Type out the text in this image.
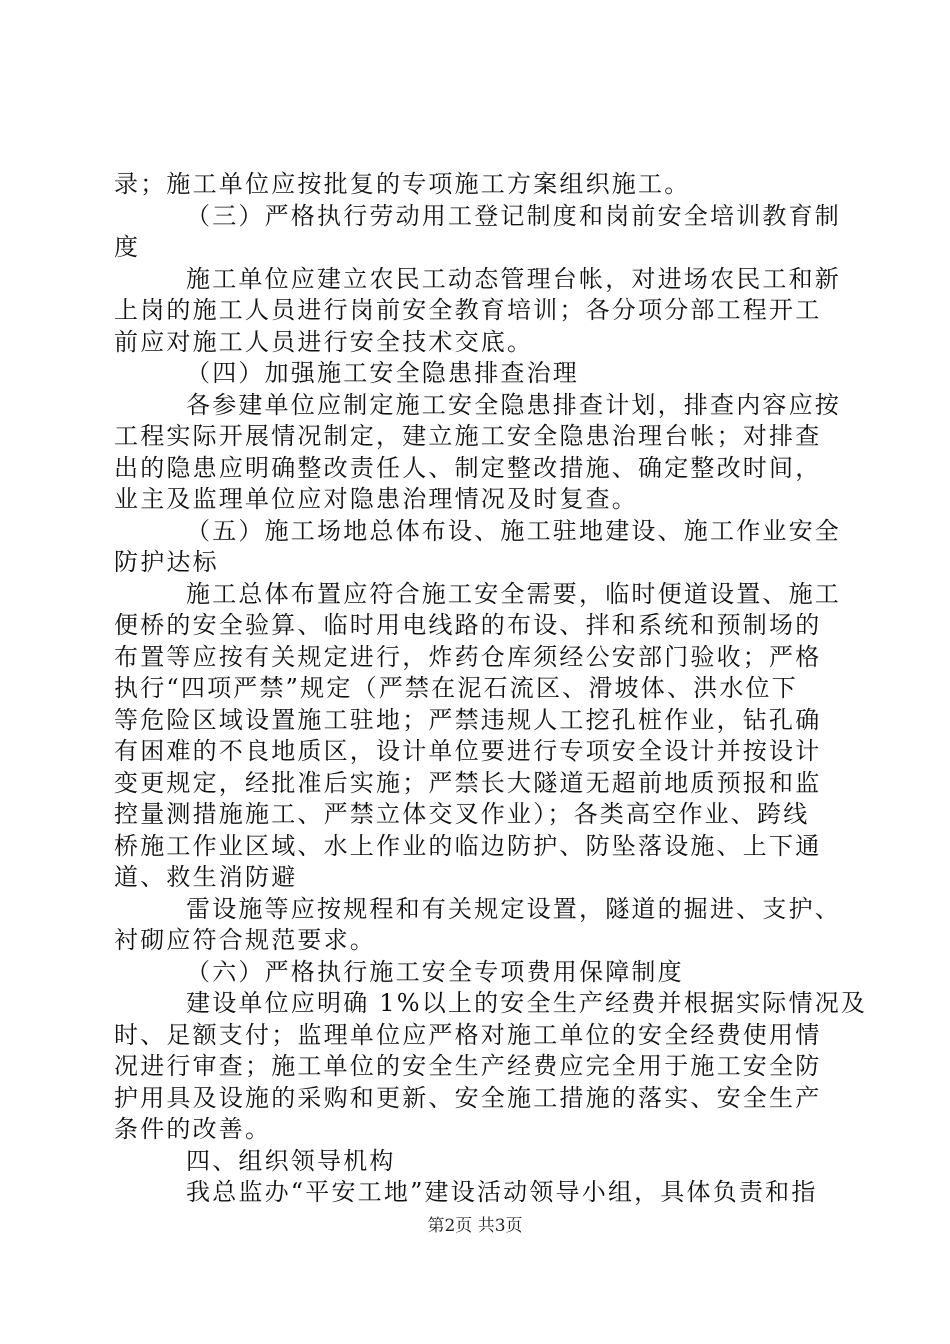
录；施工单位应按批复的专项施工方案组织施工。
（三）严格执行劳动用工登记制度和岗前安全培训教育制
度
施工单位应建立农民工动态管理台帐，对进场农民工和新
上岗的施工人员进行岗前安全教育培训；各分项分部工程开工
前应对施工人员进行安全技术交底。
（四）加强施工安全隐患排查治理
各参建单位应制定施工安全隐患排查计划，排查内容应按
工程实际开展情况制定，建立施工安全隐患治理台帐；对排查
出的隐患应明确整改责任人、制定整改措施、确定整改时间，
业主及监理单位应对隐患治理情况及时复查。
（五）施工场地总体布设、施工驻地建设、施工作业安全
防护达标
施工总体布置应符合施工安全需要，临时便道设置、施工
便桥的安全验算、临时用电线路的布设、拌和系统和预制场的
布置等应按有关规定进行，炸药仓库须经公安部门验收；严格
执行“四项严禁”规定（严禁在泥石流区、滑坡体、洪水位下
等危险区域设置施工驻地；严禁违规人工挖孔桩作业，钻孔确
有困难的不良地质区，设计单位要进行专项安全设计并按设计
变更规定，经批准后实施；严禁长大隧道无超前地质预报和监
控量测措施施工、严禁立体交叉作业）；各类高空作业、跨线
桥施工作业区域、水上作业的临边防护、防坠落设施、上下通
道、救生消防避
雷设施等应按规程和有关规定设置，隧道的掘进、支护、
衬砌应符合规范要求。
（六）严格执行施工安全专项费用保障制度
建设单位应明确 1%以上的安全生产经费并根据实际情况及
时、足额支付；监理单位应严格对施工单位的安全经费使用情
况进行审查；施工单位的安全生产经费应完全用于施工安全防
护用具及设施的采购和更新、安全施工措施的落实、安全生产
条件的改善。
四、组织领导机构
我总监办“平安工地”建设活动领导小组，具体负责和指
第2页 共3页
